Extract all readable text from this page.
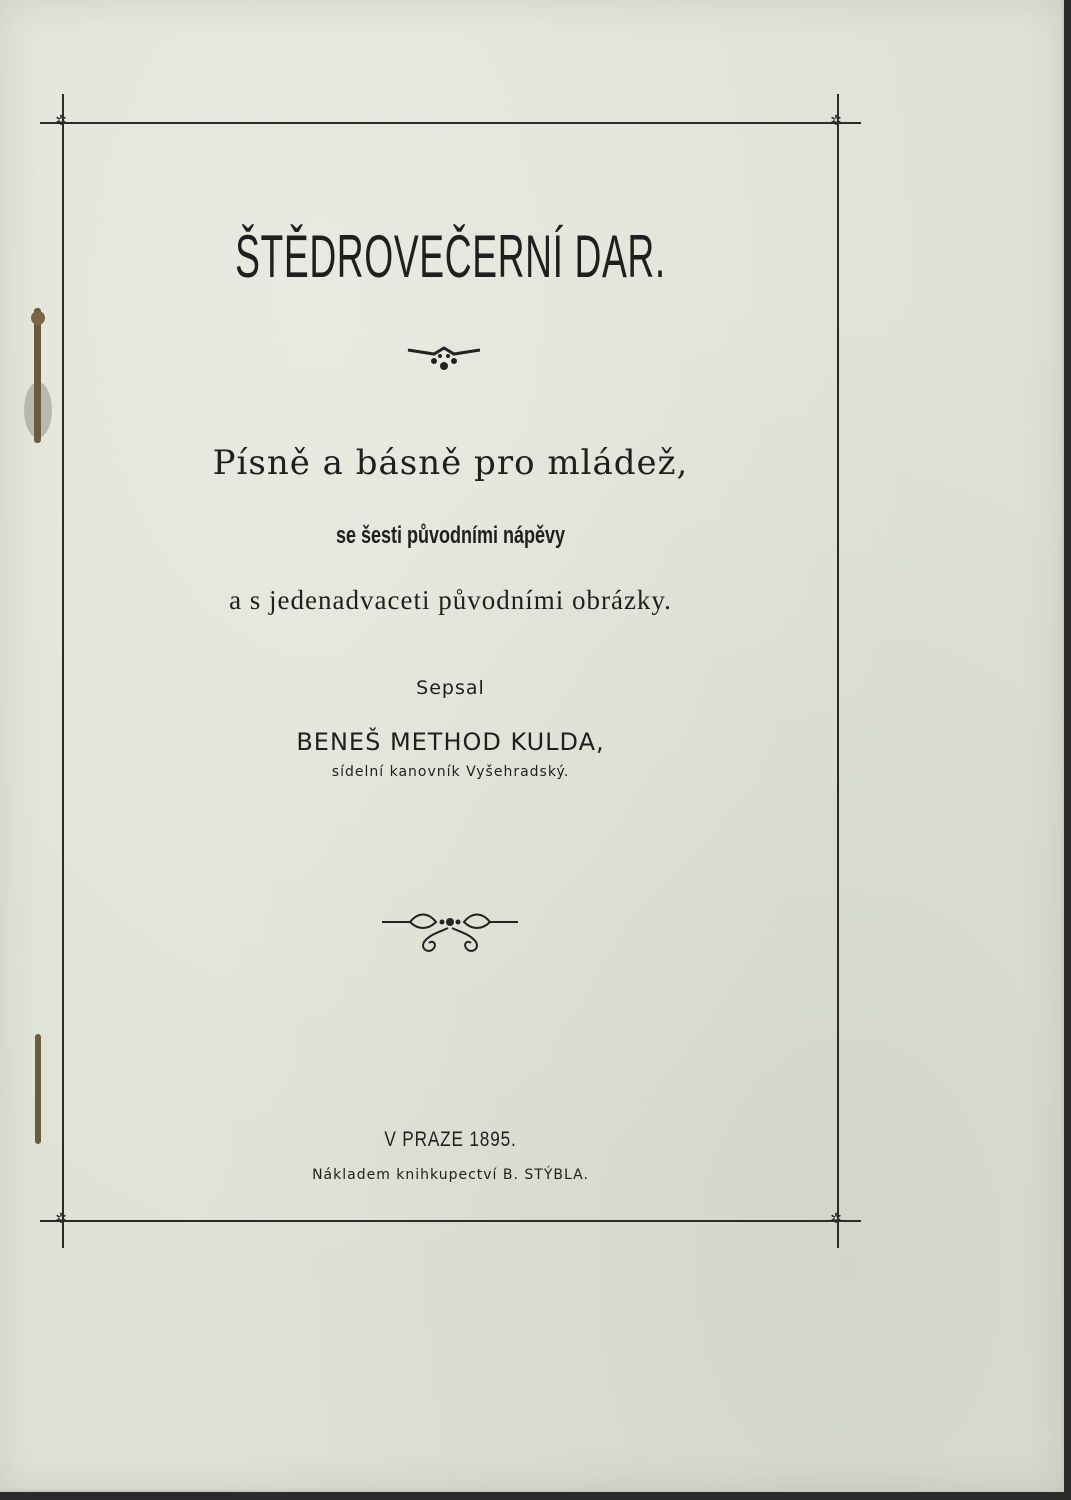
✲	✲
✲	✲
ŠTĚDROVEČERNÍ DAR.
Písně a básně pro mládež,
se šesti původními nápěvy
a s jedenadvaceti původními obrázky.
Sepsal
BENEŠ METHOD KULDA,
sídelní kanovník Vyšehradský.
V PRAZE 1895.
Nákladem knihkupectví B. STÝBLA.
